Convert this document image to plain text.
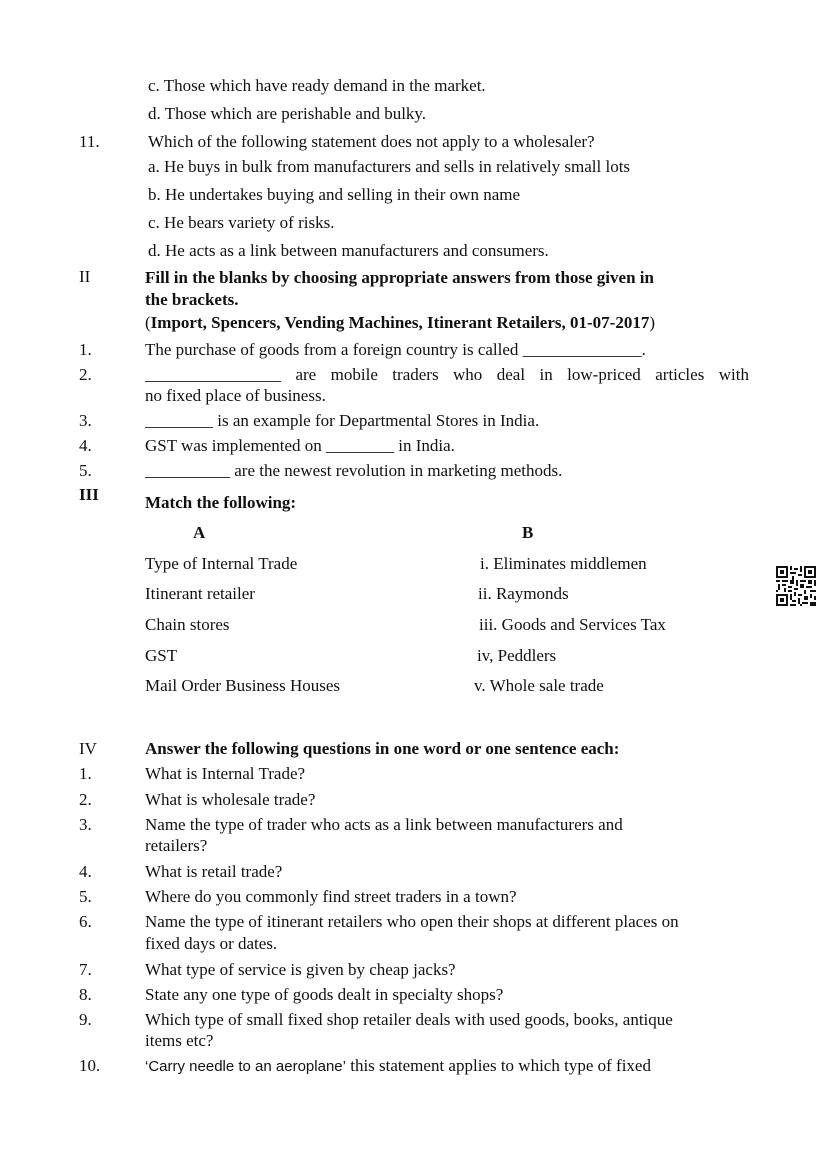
c. Those which have ready demand in the market.
d. Those which are perishable and bulky.
11.	Which of the following statement does not apply to a wholesaler?
a. He buys in bulk from manufacturers and sells in relatively small lots
b. He undertakes buying and selling in their own name
c. He bears variety of risks.
d. He acts as a link between manufacturers and consumers.
II	Fill in the blanks by choosing appropriate answers from those given in
the brackets.
(Import, Spencers, Vending Machines, Itinerant Retailers, 01-07-2017)
1.	The purchase of goods from a foreign country is called ______________.
2.	________________ are mobile traders who deal in low-priced articles with
no fixed place of business.
3.	________ is an example for Departmental Stores in India.
4.	GST was implemented on ________ in India.
5.	__________ are the newest revolution in marketing methods.
III	Match the following:
A	B
Type of Internal Trade	i. Eliminates middlemen
Itinerant retailer	ii. Raymonds
Chain stores	iii. Goods and Services Tax
GST	iv, Peddlers
Mail Order Business Houses	v. Whole sale trade
IV	Answer the following questions in one word or one sentence each:
1.	What is Internal Trade?
2.	What is wholesale trade?
3.	Name the type of trader who acts as a link between manufacturers and
retailers?
4.	What is retail trade?
5.	Where do you commonly find street traders in a town?
6.	Name the type of itinerant retailers who open their shops at different places on
fixed days or dates.
7.	What type of service is given by cheap jacks?
8.	State any one type of goods dealt in specialty shops?
9.	Which type of small fixed shop retailer deals with used goods, books, antique
items etc?
10.	‘Carry needle to an aeroplane’ this statement applies to which type of fixed
